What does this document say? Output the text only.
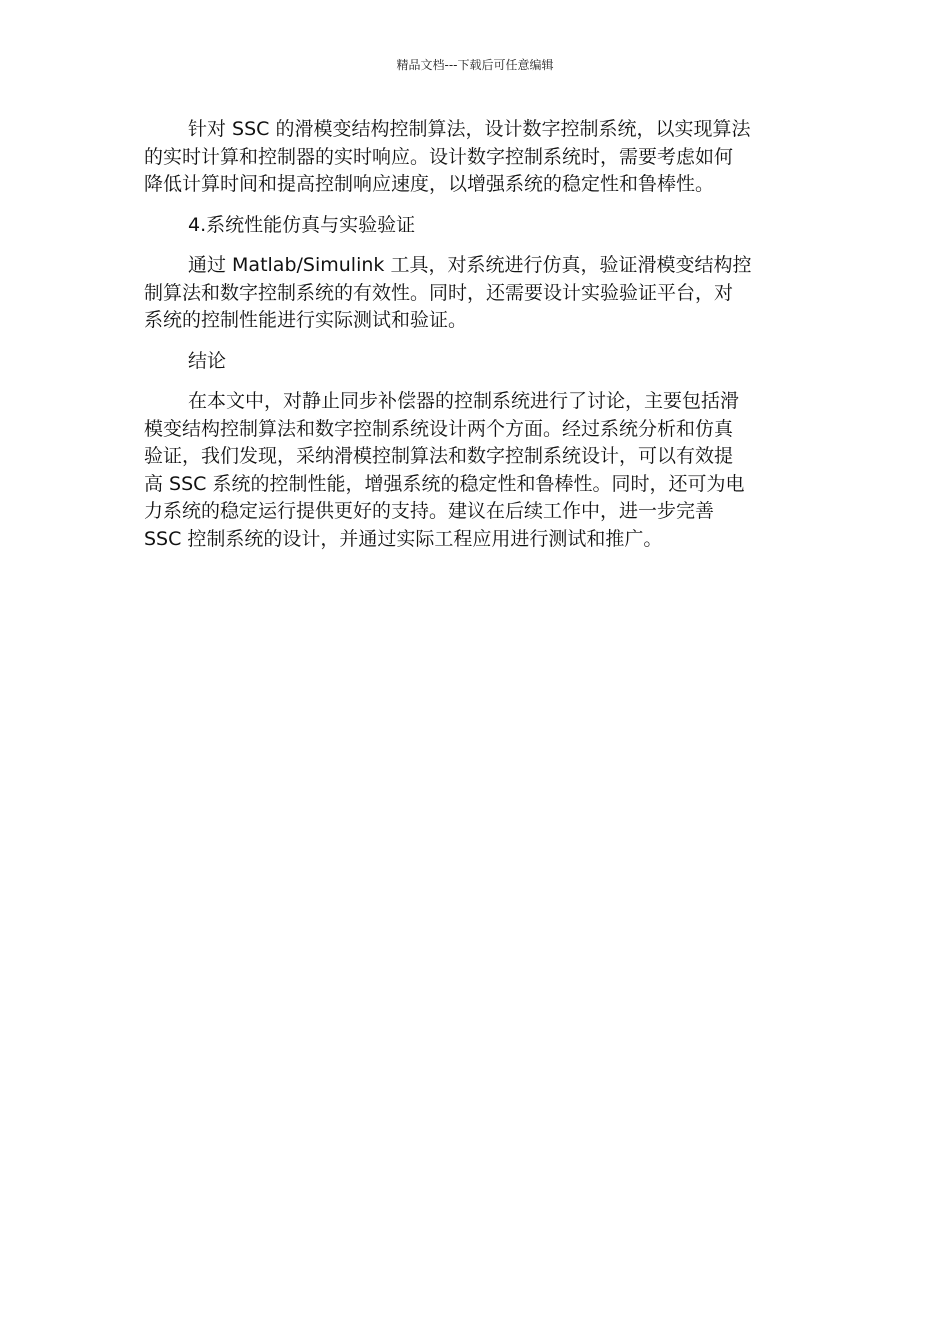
精品文档---下载后可任意编辑
针对 SSC 的滑模变结构控制算法，设计数字控制系统，以实现算法
的实时计算和控制器的实时响应。设计数字控制系统时，需要考虑如何
降低计算时间和提高控制响应速度，以增强系统的稳定性和鲁棒性。
4.系统性能仿真与实验验证
通过 Matlab/Simulink 工具，对系统进行仿真，验证滑模变结构控
制算法和数字控制系统的有效性。同时，还需要设计实验验证平台，对
系统的控制性能进行实际测试和验证。
结论
在本文中，对静止同步补偿器的控制系统进行了讨论，主要包括滑
模变结构控制算法和数字控制系统设计两个方面。经过系统分析和仿真
验证，我们发现，采纳滑模控制算法和数字控制系统设计，可以有效提
高 SSC 系统的控制性能，增强系统的稳定性和鲁棒性。同时，还可为电
力系统的稳定运行提供更好的支持。建议在后续工作中，进一步完善
SSC 控制系统的设计，并通过实际工程应用进行测试和推广。
